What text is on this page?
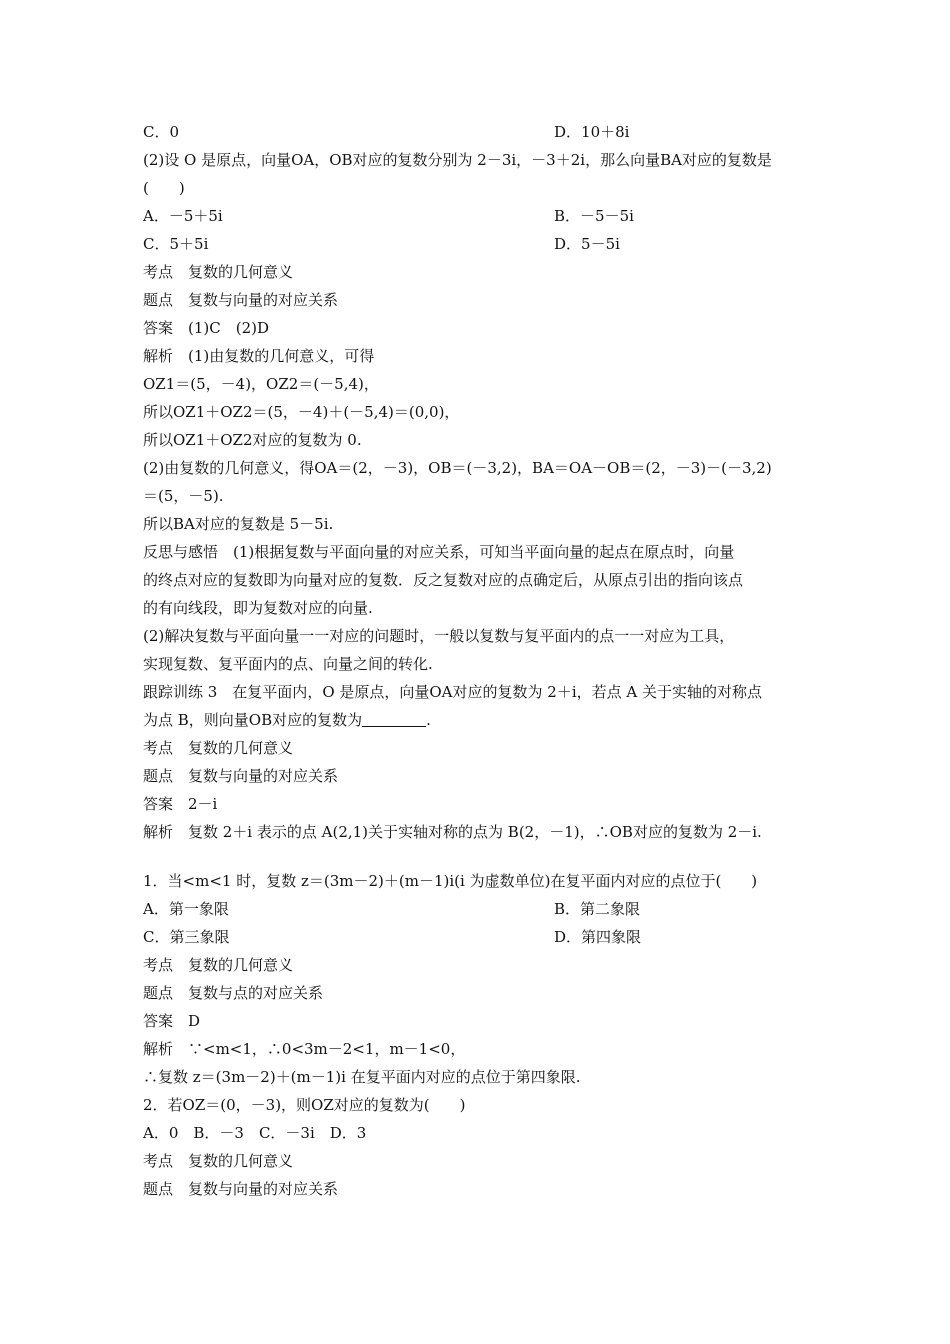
C．0	D．10＋8i
(2)设 O 是原点，向量OA，OB对应的复数分别为 2－3i，－3＋2i，那么向量BA对应的复数是
(　　)
A．－5＋5i	B．－5－5i
C．5＋5i	D．5－5i
考点　复数的几何意义
题点　复数与向量的对应关系
答案　(1)C　(2)D
解析　(1)由复数的几何意义，可得
OZ1＝(5，－4)，OZ2＝(－5,4)，
所以OZ1＋OZ2＝(5，－4)＋(－5,4)＝(0,0)，
所以OZ1＋OZ2对应的复数为 0.
(2)由复数的几何意义，得OA＝(2，－3)，OB＝(－3,2)，BA＝OA－OB＝(2，－3)－(－3,2)
＝(5，－5).
所以BA对应的复数是 5－5i.
反思与感悟　(1)根据复数与平面向量的对应关系，可知当平面向量的起点在原点时，向量
的终点对应的复数即为向量对应的复数．反之复数对应的点确定后，从原点引出的指向该点
的有向线段，即为复数对应的向量.
(2)解决复数与平面向量一一对应的问题时，一般以复数与复平面内的点一一对应为工具，
实现复数、复平面内的点、向量之间的转化.
跟踪训练 3　在复平面内，O 是原点，向量OA对应的复数为 2＋i，若点 A 关于实轴的对称点
为点 B，则向量OB对应的复数为	.
考点　复数的几何意义
题点　复数与向量的对应关系
答案　2－i
解析　复数 2＋i 表示的点 A(2,1)关于实轴对称的点为 B(2，－1)，∴OB对应的复数为 2－i.
1．当<m<1 时，复数 z＝(3m－2)＋(m－1)i(i 为虚数单位)在复平面内对应的点位于(　　)
A．第一象限	B．第二象限
C．第三象限	D．第四象限
考点　复数的几何意义
题点　复数与点的对应关系
答案　D
解析　∵<m<1，∴0<3m－2<1，m－1<0，
∴复数 z＝(3m－2)＋(m－1)i 在复平面内对应的点位于第四象限.
2．若OZ＝(0，－3)，则OZ对应的复数为(　　)
A．0　B．－3　C．－3i　D．3
考点　复数的几何意义
题点　复数与向量的对应关系
